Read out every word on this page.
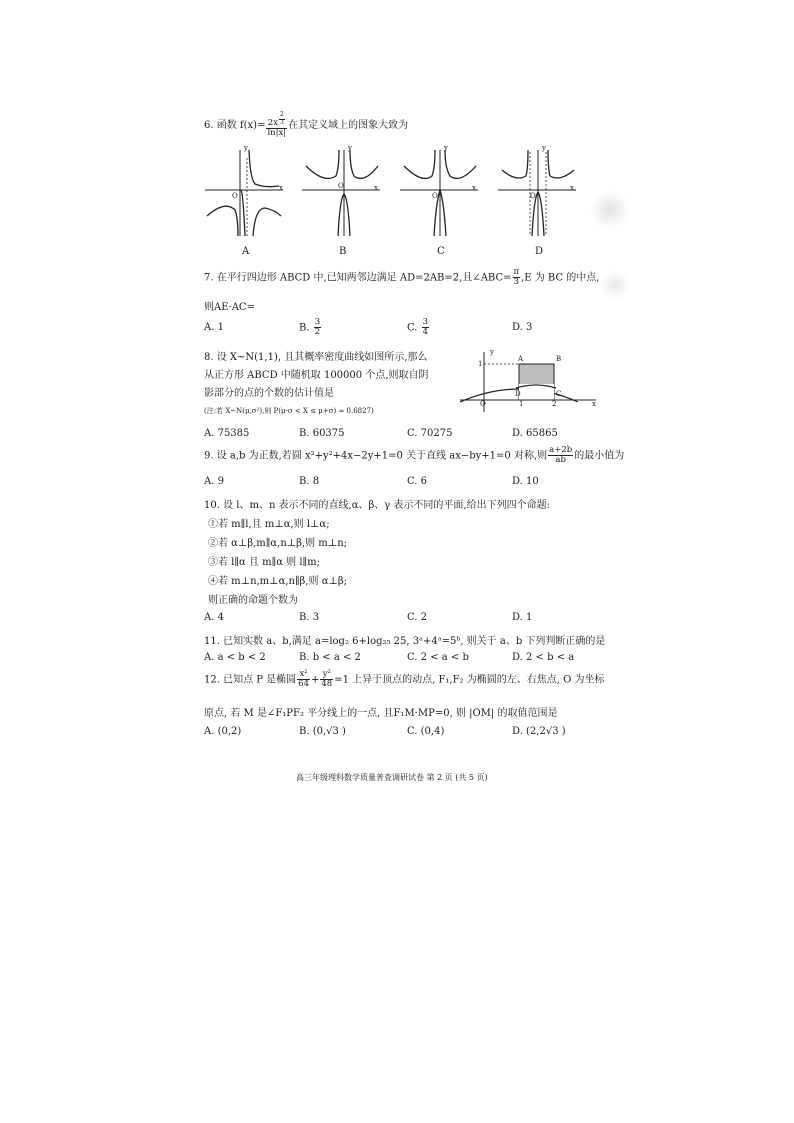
6. 函数 f(x)= 2x $^{\frac{2}{3}}$
ln|x| 在其定义域上的图象大致为
A	B	C	D
y
x
O
y
x
O
y
x
O
y
x
O
7. 在平行四边形 ABCD 中,已知两邻边满足 AD=2AB=2,且∠ABC= $\frac{\pi}{3} ,E$ 为 BC 的中点,
则AE·AC=
A. 1	B. $\frac{3}{2}$	C. $\frac{3}{4}$	D. 3
8. 设 X~N(1,1), 且其概率密度曲线如图所示,那么
从正方形 ABCD 中随机取 100000 个点,则取自阴
影部分的点的个数的估计值是
(注:若 X~N(μ,σ²),则 P(μ-σ < X ≤ μ+σ) ≈ 0.6827)
y
1
A	B
D	C
O	1	2	x
A. 75385	B. 60375	C. 70275	D. 65865
9. 设 a,b 为正数,若圆 x²+y²+4x−2y+1=0 关于直线 ax−by+1=0 对称,则 $\frac{a+2b}{ab}$ 的最小值为
A. 9	B. 8	C. 6	D. 10
10. 设 l、m、n 表示不同的直线,α、β、γ 表示不同的平面,给出下列四个命题:
①若 m∥l,且 m⊥α,则 l⊥α;
②若 α⊥β,m∥α,n⊥β,则 m⊥n;
③若 l∥α 且 m∥α 则 l∥m;
④若 m⊥n,m⊥α,n∥β,则 α⊥β;
则正确的命题个数为
A. 4	B. 3	C. 2	D. 1
11. 已知实数 a、b,满足 a=log₂ 6+log₂₅ 25, 3ᵃ+4ᵃ=5ᵇ, 则关于 a、b 下列判断正确的是
A. a < b < 2	B. b < a < 2	C. 2 < a < b	D. 2 < b < a
12. 已知点 P 是椭圆 $\frac{\text{x²}}{64} + \frac{\text{y²}}{48} =1$ 上异于顶点的动点, F₁,F₂ 为椭圆的左、右焦点, O 为坐标
原点, 若 M 是∠F₁PF₂ 平分线上的一点, 且F₁M·MP=0, 则 |OM| 的取值范围是
A. (0,2)	B. (0,√3 )	C. (0,4)	D. (2,2√3 )
高三年级理科数学质量普查调研试卷 第 2 页 (共 5 页)
